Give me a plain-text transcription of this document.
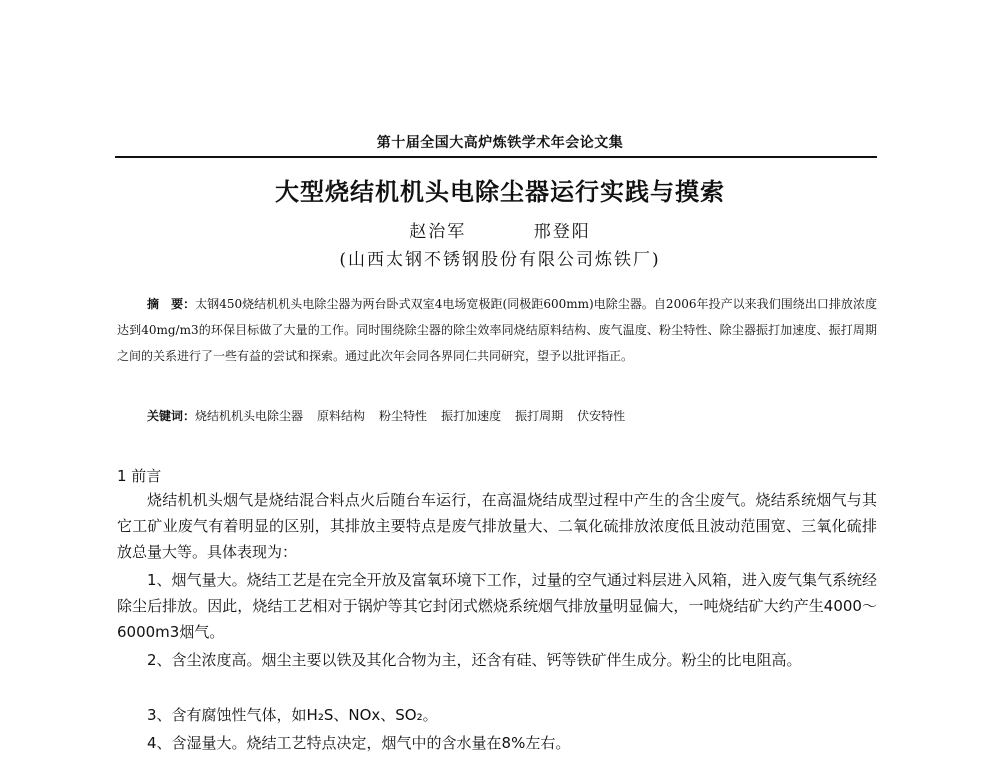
第十届全国大高炉炼铁学术年会论文集
大型烧结机机头电除尘器运行实践与摸索
赵治军	邢登阳
(山西太钢不锈钢股份有限公司炼铁厂)
摘　要：太钢450烧结机机头电除尘器为两台卧式双室4电场宽极距(同极距600mm)电除尘器。自2006年投产以来我们围绕出口排放浓度达到40mg/m3的环保目标做了大量的工作。同时围绕除尘器的除尘效率同烧结原料结构、废气温度、粉尘特性、除尘器振打加速度、振打周期之间的关系进行了一些有益的尝试和探索。通过此次年会同各界同仁共同研究，望予以批评指正。
关键词：烧结机机头电除尘器 原料结构 粉尘特性 振打加速度 振打周期 伏安特性
1 前言
烧结机机头烟气是烧结混合料点火后随台车运行，在高温烧结成型过程中产生的含尘废气。烧结系统烟气与其它工矿业废气有着明显的区别，其排放主要特点是废气排放量大、二氧化硫排放浓度低且波动范围宽、三氧化硫排放总量大等。具体表现为：
1、烟气量大。烧结工艺是在完全开放及富氧环境下工作，过量的空气通过料层进入风箱，进入废气集气系统经除尘后排放。因此，烧结工艺相对于锅炉等其它封闭式燃烧系统烟气排放量明显偏大，一吨烧结矿大约产生4000～6000m3烟气。
2、含尘浓度高。烟尘主要以铁及其化合物为主，还含有硅、钙等铁矿伴生成分。粉尘的比电阻高。
3、含有腐蚀性气体，如H₂S、NOx、SO₂。
4、含湿量大。烧结工艺特点决定，烟气中的含水量在8%左右。
